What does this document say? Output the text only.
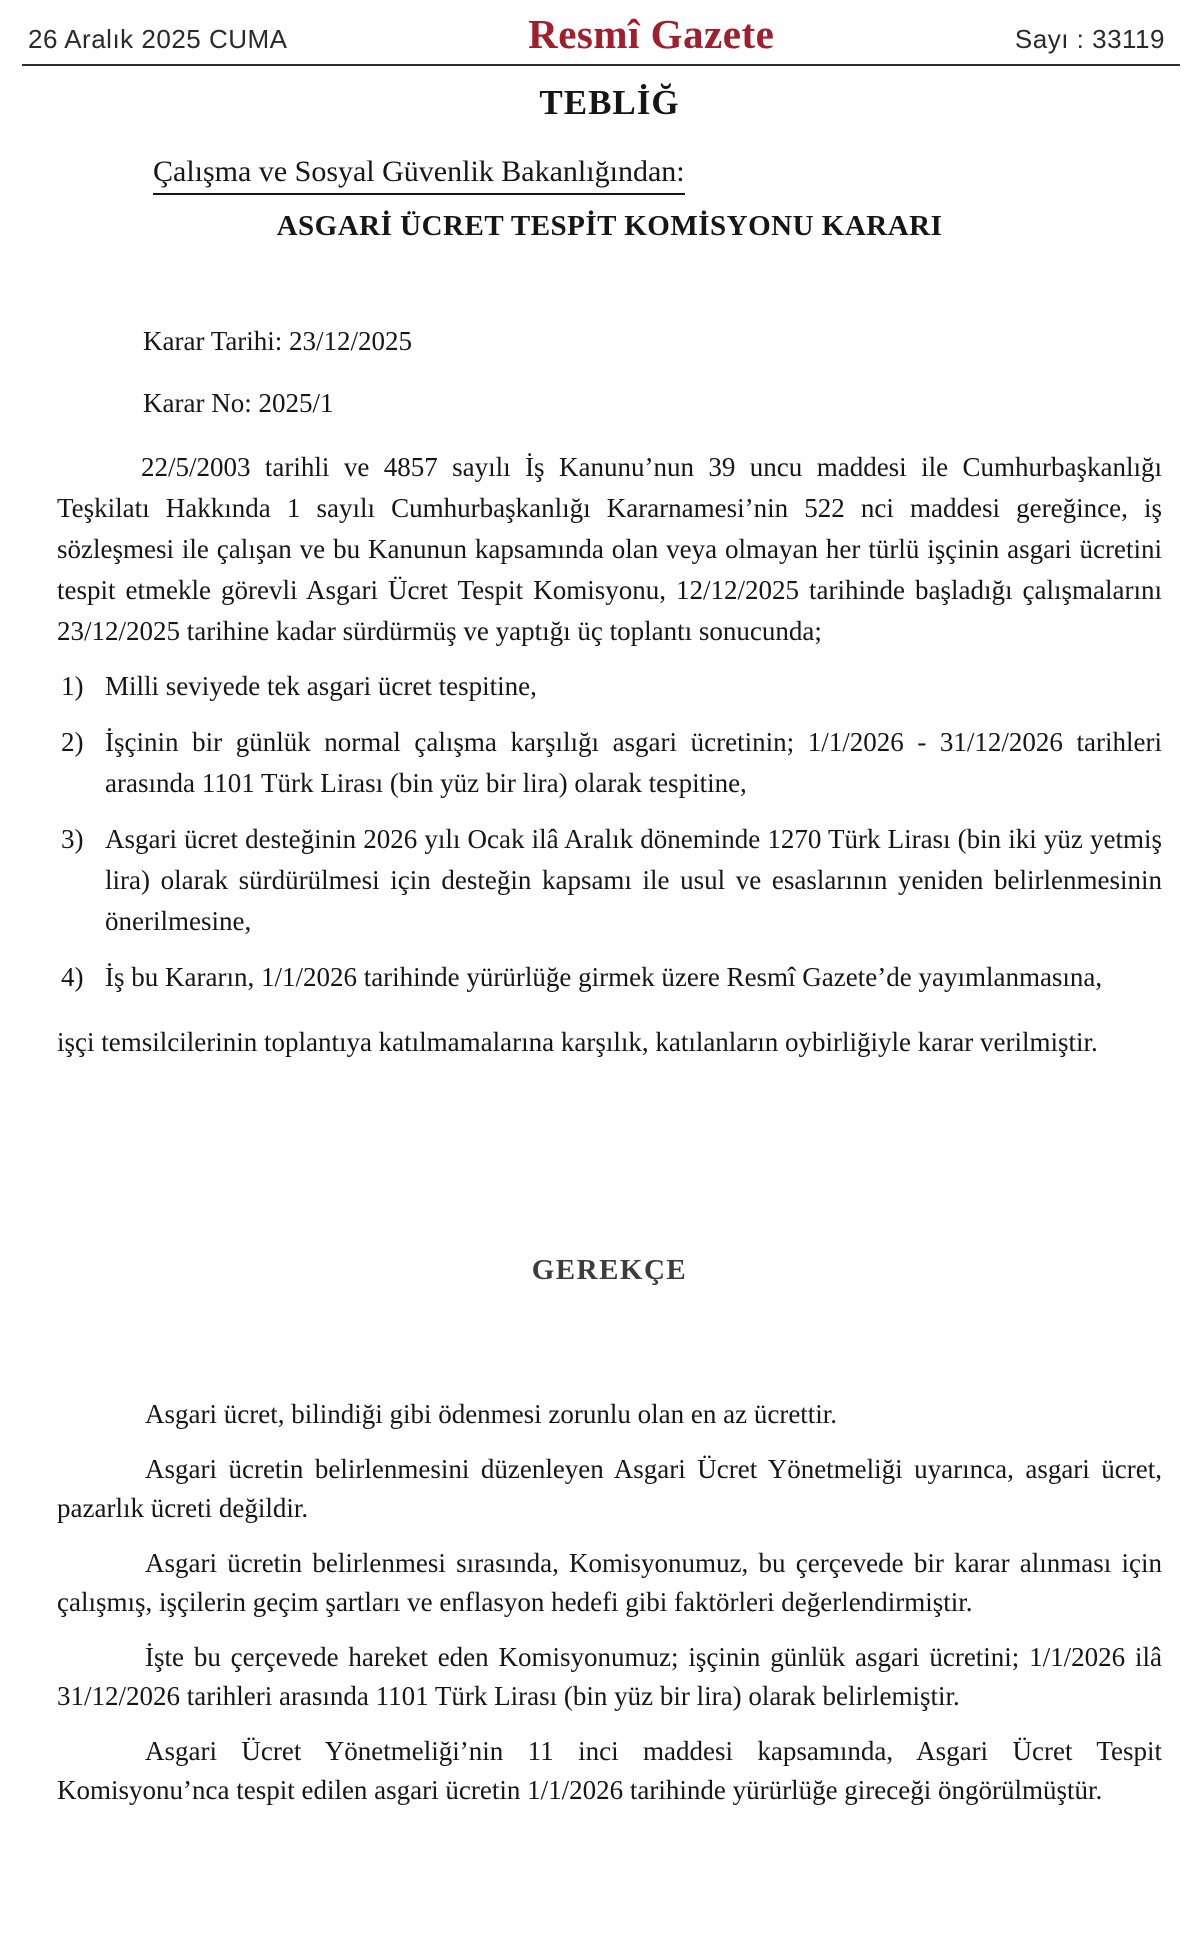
26 Aralık 2025 CUMA	Resmî Gazete	Sayı : 33119
TEBLİĞ
Çalışma ve Sosyal Güvenlik Bakanlığından:
ASGARİ ÜCRET TESPİT KOMİSYONU KARARI
Karar Tarihi: 23/12/2025
Karar No: 2025/1
22/5/2003 tarihli ve 4857 sayılı İş Kanunu’nun 39 uncu maddesi ile Cumhurbaşkanlığı Teşkilatı Hakkında 1 sayılı Cumhurbaşkanlığı Kararnamesi’nin 522 nci maddesi gereğince, iş sözleşmesi ile çalışan ve bu Kanunun kapsamında olan veya olmayan her türlü işçinin asgari ücretini tespit etmekle görevli Asgari Ücret Tespit Komisyonu, 12/12/2025 tarihinde başladığı çalışmalarını 23/12/2025 tarihine kadar sürdürmüş ve yaptığı üç toplantı sonucunda;
1) Milli seviyede tek asgari ücret tespitine,
2) İşçinin bir günlük normal çalışma karşılığı asgari ücretinin; 1/1/2026 - 31/12/2026 tarihleri arasında 1101 Türk Lirası (bin yüz bir lira) olarak tespitine,
3) Asgari ücret desteğinin 2026 yılı Ocak ilâ Aralık döneminde 1270 Türk Lirası (bin iki yüz yetmiş lira) olarak sürdürülmesi için desteğin kapsamı ile usul ve esaslarının yeniden belirlenmesinin önerilmesine,
4) İş bu Kararın, 1/1/2026 tarihinde yürürlüğe girmek üzere Resmî Gazete’de yayımlanmasına,
işçi temsilcilerinin toplantıya katılmamalarına karşılık, katılanların oybirliğiyle karar verilmiştir.
GEREKÇE

Asgari ücret, bilindiği gibi ödenmesi zorunlu olan en az ücrettir.

Asgari ücretin belirlenmesini düzenleyen Asgari Ücret Yönetmeliği uyarınca, asgari ücret, pazarlık ücreti değildir.

Asgari ücretin belirlenmesi sırasında, Komisyonumuz, bu çerçevede bir karar alınması için çalışmış, işçilerin geçim şartları ve enflasyon hedefi gibi faktörleri değerlendirmiştir.

İşte bu çerçevede hareket eden Komisyonumuz; işçinin günlük asgari ücretini; 1/1/2026 ilâ 31/12/2026 tarihleri arasında 1101 Türk Lirası (bin yüz bir lira) olarak belirlemiştir.

Asgari Ücret Yönetmeliği’nin 11 inci maddesi kapsamında, Asgari Ücret Tespit Komisyonu’nca tespit edilen asgari ücretin 1/1/2026 tarihinde yürürlüğe gireceği öngörülmüştür.
